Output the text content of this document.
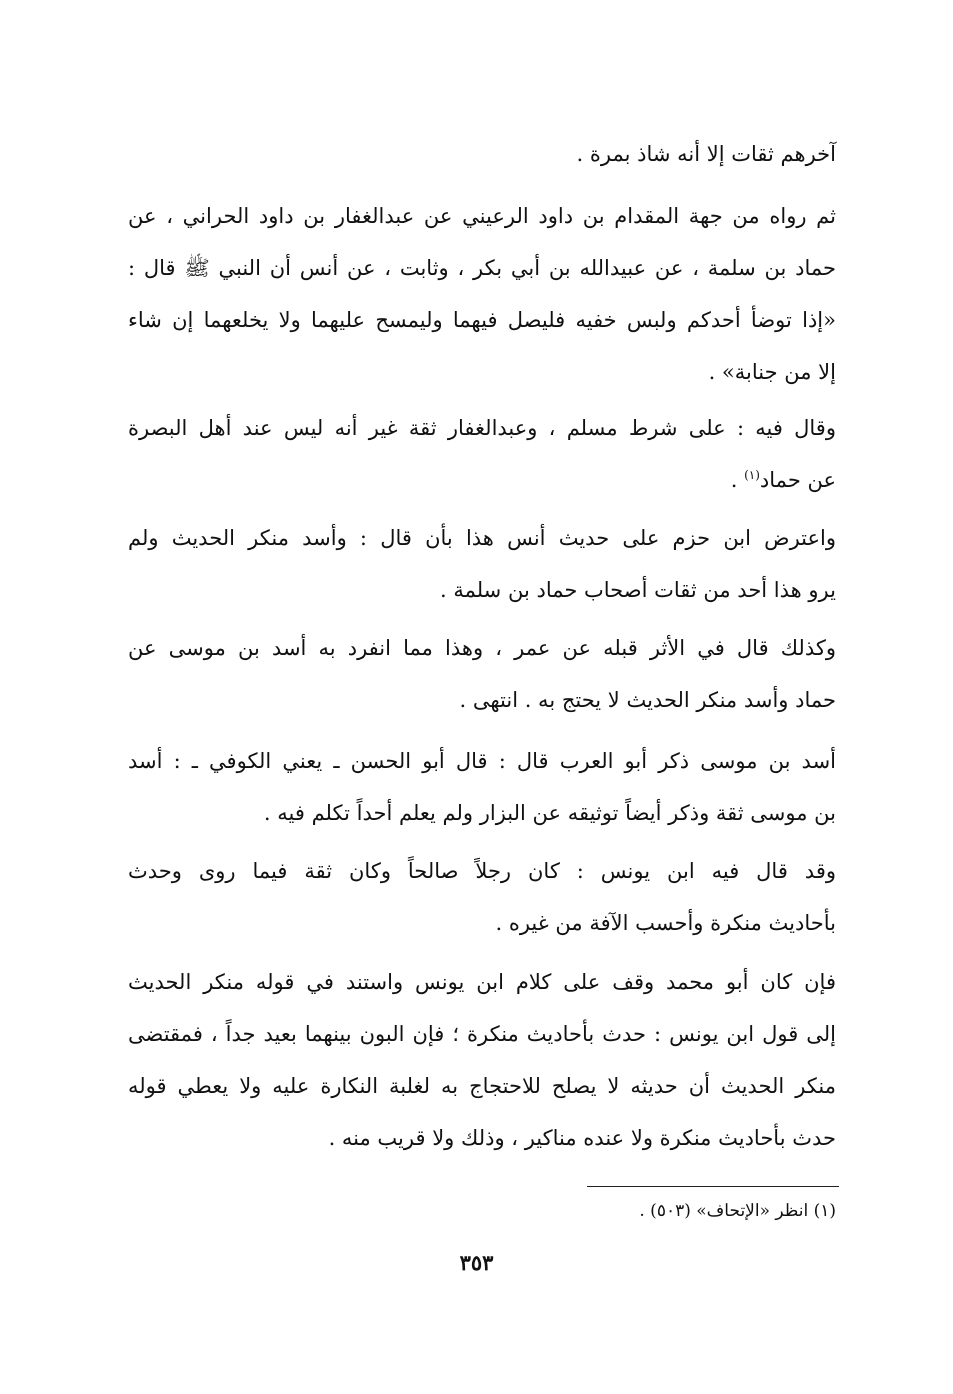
آخرهم ثقات إلا أنه شاذ بمرة .
ثم رواه من جهة المقدام بن داود الرعيني عن عبدالغفار بن داود الحراني ، عن
حماد بن سلمة ، عن عبيدالله بن أبي بكر ، وثابت ، عن أنس أن النبي ﷺ قال :
«إذا توضأ أحدكم ولبس خفيه فليصل فيهما وليمسح عليهما ولا يخلعهما إن شاء
إلا من جنابة» .
وقال فيه : على شرط مسلم ، وعبدالغفار ثقة غير أنه ليس عند أهل البصرة
عن حماد$^{(١)}$ .
واعترض ابن حزم على حديث أنس هذا بأن قال : وأسد منكر الحديث ولم
يرو هذا أحد من ثقات أصحاب حماد بن سلمة .
وكذلك قال في الأثر قبله عن عمر ، وهذا مما انفرد به أسد بن موسى عن
حماد وأسد منكر الحديث لا يحتج به . انتهى .
أسد بن موسى ذكر أبو العرب قال : قال أبو الحسن ـ يعني الكوفي ـ : أسد
بن موسى ثقة وذكر أيضاً توثيقه عن البزار ولم يعلم أحداً تكلم فيه .
وقد قال فيه ابن يونس : كان رجلاً صالحاً وكان ثقة فيما روى وحدث
بأحاديث منكرة وأحسب الآفة من غيره .
فإن كان أبو محمد وقف على كلام ابن يونس واستند في قوله منكر الحديث
إلى قول ابن يونس : حدث بأحاديث منكرة ؛ فإن البون بينهما بعيد جداً ، فمقتضى
منكر الحديث أن حديثه لا يصلح للاحتجاج به لغلبة النكارة عليه ولا يعطي قوله
حدث بأحاديث منكرة ولا عنده مناكير ، وذلك ولا قريب منه .
(١) انظر «الإتحاف» (٥٠٣) .
٣٥٣
